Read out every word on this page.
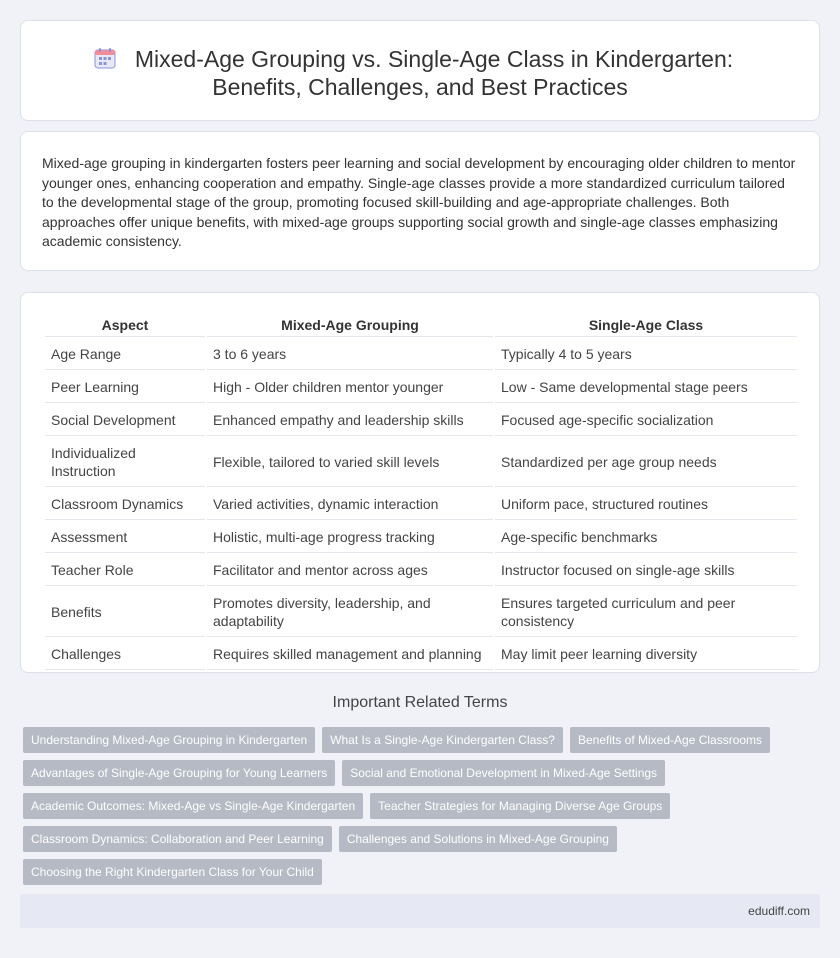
Mixed-Age Grouping vs. Single-Age Class in Kindergarten:
Benefits, Challenges, and Best Practices

Mixed-age grouping in kindergarten fosters peer learning and social development by encouraging older children to mentor younger ones, enhancing cooperation and empathy. Single-age classes provide a more standardized curriculum tailored to the developmental stage of the group, promoting focused skill-building and age-appropriate challenges. Both approaches offer unique benefits, with mixed-age groups supporting social growth and single-age classes emphasizing academic consistency.

Aspect	Mixed-Age Grouping	Single-Age Class
Age Range	3 to 6 years	Typically 4 to 5 years
Peer Learning	High - Older children mentor younger	Low - Same developmental stage peers
Social Development	Enhanced empathy and leadership skills	Focused age-specific socialization
Individualized Instruction	Flexible, tailored to varied skill levels	Standardized per age group needs
Classroom Dynamics	Varied activities, dynamic interaction	Uniform pace, structured routines
Assessment	Holistic, multi-age progress tracking	Age-specific benchmarks
Teacher Role	Facilitator and mentor across ages	Instructor focused on single-age skills
Benefits	Promotes diversity, leadership, and adaptability	Ensures targeted curriculum and peer consistency
Challenges	Requires skilled management and planning	May limit peer learning diversity
Important Related Terms
Understanding Mixed-Age Grouping in Kindergarten	What Is a Single-Age Kindergarten Class?	Benefits of Mixed-Age Classrooms
Advantages of Single-Age Grouping for Young Learners	Social and Emotional Development in Mixed-Age Settings
Academic Outcomes: Mixed-Age vs Single-Age Kindergarten	Teacher Strategies for Managing Diverse Age Groups
Classroom Dynamics: Collaboration and Peer Learning	Challenges and Solutions in Mixed-Age Grouping
Choosing the Right Kindergarten Class for Your Child
edudiff.com
